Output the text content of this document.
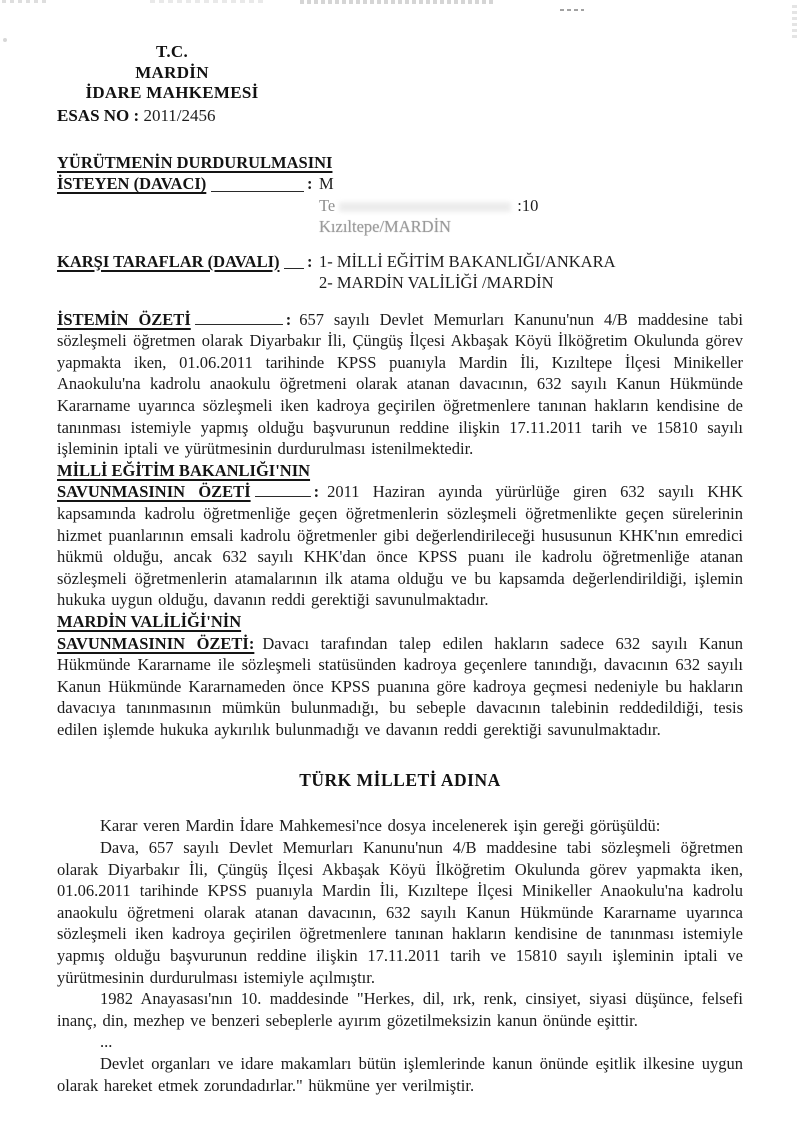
T.C.
MARDİN
İDARE MAHKEMESİ
ESAS NO : 2011/2456
YÜRÜTMENİN DURDURULMASINI
İSTEYEN (DAVACI)	: M
Te	:10
Kızıltepe/MARDİN
KARŞI TARAFLAR (DAVALI) : 1- MİLLİ EĞİTİM BAKANLIĞI/ANKARA
2- MARDİN VALİLİĞİ /MARDİN

İSTEMİN ÖZETİ	: 657 sayılı Devlet Memurları Kanunu'nun 4/B maddesine tabi sözleşmeli öğretmen olarak Diyarbakır İli, Çüngüş İlçesi Akbaşak Köyü İlköğretim Okulunda görev yapmakta iken, 01.06.2011 tarihinde KPSS puanıyla Mardin İli, Kızıltepe İlçesi Minikeller Anaokulu'na kadrolu anaokulu öğretmeni olarak atanan davacının, 632 sayılı Kanun Hükmünde Kararname uyarınca sözleşmeli iken kadroya geçirilen öğretmenlere tanınan hakların kendisine de tanınması istemiyle yapmış olduğu başvurunun reddine ilişkin 17.11.2011 tarih ve 15810 sayılı işleminin iptali ve yürütmesinin durdurulması istenilmektedir.

MİLLİ EĞİTİM BAKANLIĞI'NIN

SAVUNMASININ ÖZETİ	: 2011 Haziran ayında yürürlüğe giren 632 sayılı KHK kapsamında kadrolu öğretmenliğe geçen öğretmenlerin sözleşmeli öğretmenlikte geçen sürelerinin hizmet puanlarının emsali kadrolu öğretmenler gibi değerlendirileceği hususunun KHK'nın emredici hükmü olduğu, ancak 632 sayılı KHK'dan önce KPSS puanı ile kadrolu öğretmenliğe atanan sözleşmeli öğretmenlerin atamalarının ilk atama olduğu ve bu kapsamda değerlendirildiği, işlemin hukuka uygun olduğu, davanın reddi gerektiği savunulmaktadır.

MARDİN VALİLİĞİ'NİN

SAVUNMASININ ÖZETİ: Davacı tarafından talep edilen hakların sadece 632 sayılı Kanun Hükmünde Kararname ile sözleşmeli statüsünden kadroya geçenlere tanındığı, davacının 632 sayılı Kanun Hükmünde Kararnameden önce KPSS puanına göre kadroya geçmesi nedeniyle bu hakların davacıya tanınmasının mümkün bulunmadığı, bu sebeple davacının talebinin reddedildiği, tesis edilen işlemde hukuka aykırılık bulunmadığı ve davanın reddi gerektiği savunulmaktadır.

TÜRK MİLLETİ ADINA

Karar veren Mardin İdare Mahkemesi'nce dosya incelenerek işin gereği görüşüldü:

Dava, 657 sayılı Devlet Memurları Kanunu'nun 4/B maddesine tabi sözleşmeli öğretmen olarak Diyarbakır İli, Çüngüş İlçesi Akbaşak Köyü İlköğretim Okulunda görev yapmakta iken, 01.06.2011 tarihinde KPSS puanıyla Mardin İli, Kızıltepe İlçesi Minikeller Anaokulu'na kadrolu anaokulu öğretmeni olarak atanan davacının, 632 sayılı Kanun Hükmünde Kararname uyarınca sözleşmeli iken kadroya geçirilen öğretmenlere tanınan hakların kendisine de tanınması istemiyle yapmış olduğu başvurunun reddine ilişkin 17.11.2011 tarih ve 15810 sayılı işleminin iptali ve yürütmesinin durdurulması istemiyle açılmıştır.

1982 Anayasası'nın 10. maddesinde "Herkes, dil, ırk, renk, cinsiyet, siyasi düşünce, felsefi inanç, din, mezhep ve benzeri sebeplerle ayırım gözetilmeksizin kanun önünde eşittir.

...

Devlet organları ve idare makamları bütün işlemlerinde kanun önünde eşitlik ilkesine uygun olarak hareket etmek zorundadırlar." hükmüne yer verilmiştir.
